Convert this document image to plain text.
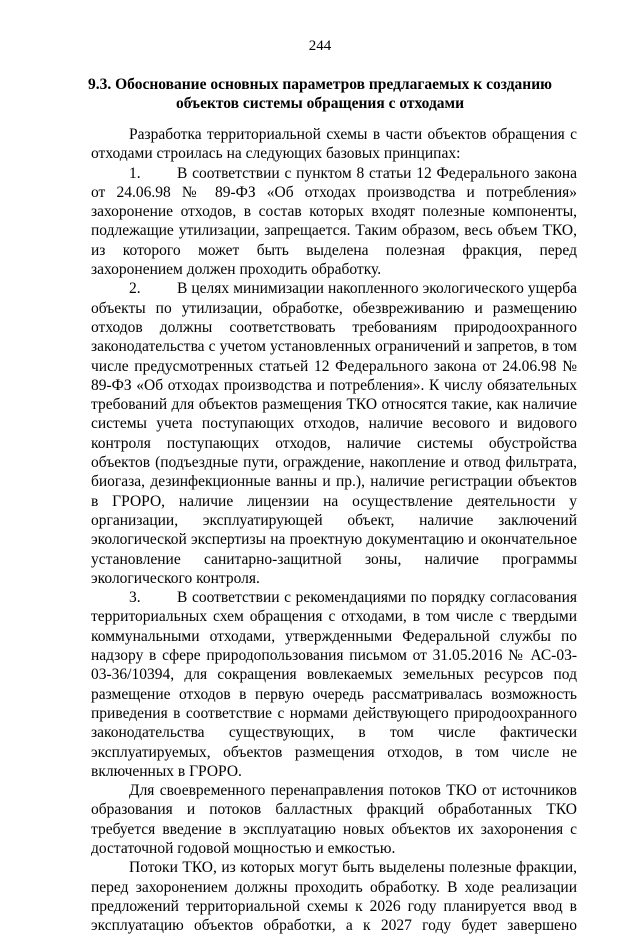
244
9.3. Обоснование основных параметров предлагаемых к созданию
объектов системы обращения с отходами

Разработка территориальной схемы в части объектов обращения с отходами строилась на следующих базовых принципах:

1. В соответствии с пунктом 8 статьи 12 Федерального закона от 24.06.98 № 89-ФЗ «Об отходах производства и потребления» захоронение отходов, в состав которых входят полезные компоненты, подлежащие утилизации, запрещается. Таким образом, весь объем ТКО, из которого может быть выделена полезная фракция, перед захоронением должен проходить обработку.

2. В целях минимизации накопленного экологического ущерба объекты по утилизации, обработке, обезвреживанию и размещению отходов должны соответствовать требованиям природоохранного законодательства с учетом установленных ограничений и запретов, в том числе предусмотренных статьей 12 Федерального закона от 24.06.98 № 89-ФЗ «Об отходах производства и потребления». К числу обязательных требований для объектов размещения ТКО относятся такие, как наличие системы учета поступающих отходов, наличие весового и видового контроля поступающих отходов, наличие системы обустройства объектов (подъездные пути, ограждение, накопление и отвод фильтрата, биогаза, дезинфекционные ванны и пр.), наличие регистрации объектов в ГРОРО, наличие лицензии на осуществление деятельности у организации, эксплуатирующей объект, наличие заключений экологической экспертизы на проектную документацию и окончательное установление санитарно-защитной зоны, наличие программы экологического контроля.

3. В соответствии с рекомендациями по порядку согласования территориальных схем обращения с отходами, в том числе с твердыми коммунальными отходами, утвержденными Федеральной службы по надзору в сфере природопользования письмом от 31.05.2016 № АС-03-03-36/10394, для сокращения вовлекаемых земельных ресурсов под размещение отходов в первую очередь рассматривалась возможность приведения в соответствие с нормами действующего природоохранного законодательства существующих, в том числе фактически эксплуатируемых, объектов размещения отходов, в том числе не включенных в ГРОРО.

Для своевременного перенаправления потоков ТКО от источников образования и потоков балластных фракций обработанных ТКО требуется введение в эксплуатацию новых объектов их захоронения с достаточной годовой мощностью и емкостью.

Потоки ТКО, из которых могут быть выделены полезные фракции, перед захоронением должны проходить обработку. В ходе реализации предложений территориальной схемы к 2026 году планируется ввод в эксплуатацию объектов обработки, а к 2027 году будет завершено
